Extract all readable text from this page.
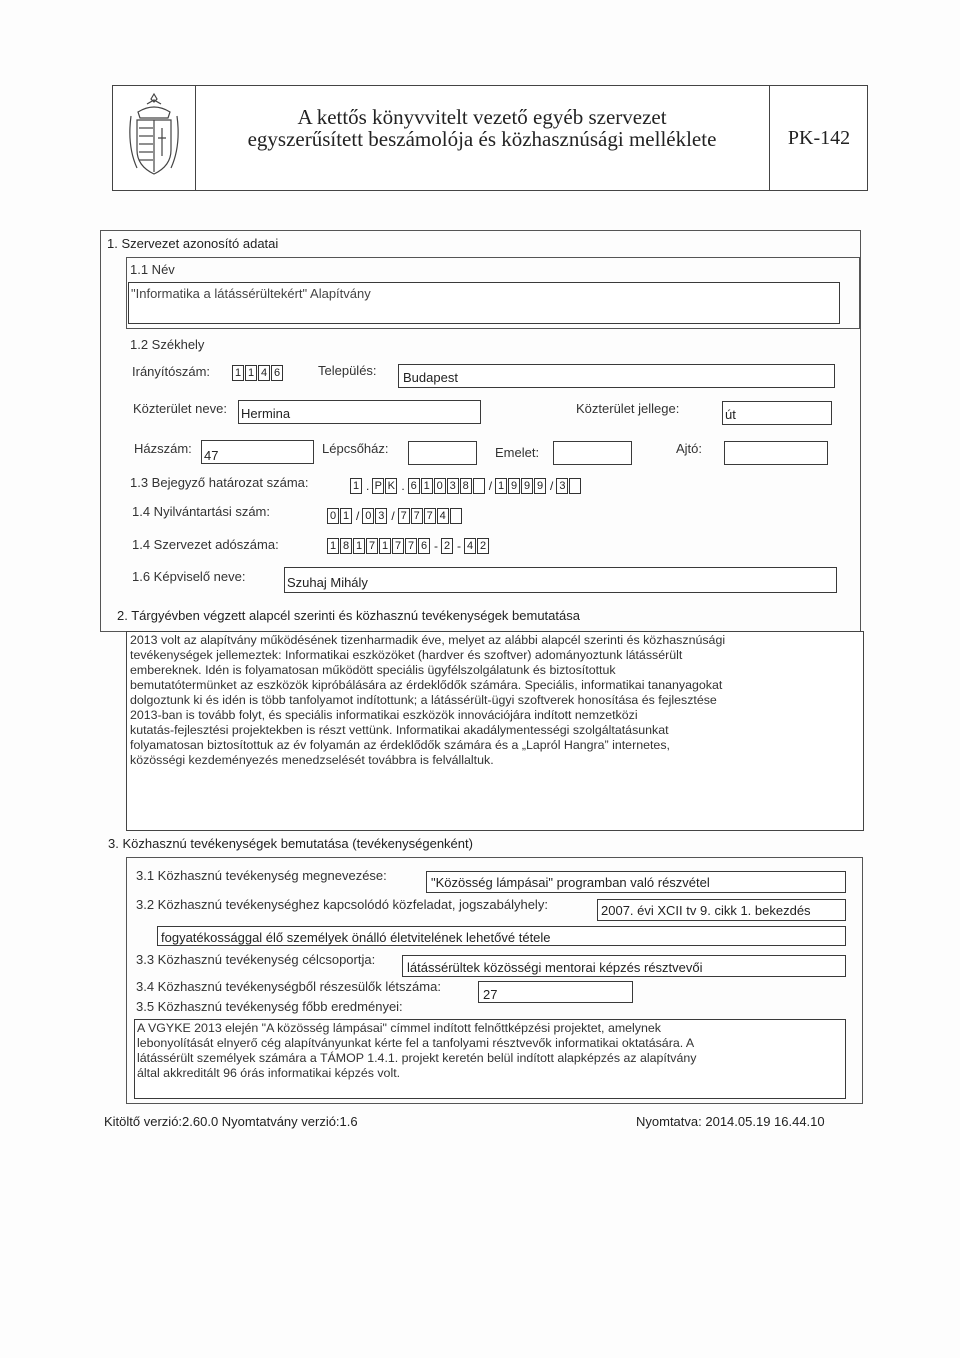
A kettős könyvvitelt vezető egyéb szervezet
egyszerűsített beszámolója és közhasznúsági melléklete	PK-142
1. Szervezet azonosító adatai
1.1 Név
"Informatika a látássérültekért" Alapítvány
1.2 Székhely
Irányítószám: 1 1 4 6	Település: Budapest
Közterület neve: Hermina	Közterület jellege:	út
Házszám: 47	Lépcsőház:	Emelet:	Ajtó:
1.3 Bejegyző határozat száma:	1 . P K . 6 1 0 3 8 / 1 9 9 9 / 3
1.4 Nyilvántartási szám:	0 1 / 0 3 / 7 7 7 4
1.4 Szervezet adószáma:	1 8 1 7 1 7 7 6 - 2 - 4 2
1.6 Képviselő neve:	Szuhaj Mihály
2. Tárgyévben végzett alapcél szerinti és közhasznú tevékenységek bemutatása
2013 volt az alapítvány működésének tizenharmadik éve, melyet az alábbi alapcél szerinti és közhasznúsági
tevékenységek jellemeztek: Informatikai eszközöket (hardver és szoftver) adományoztunk látássérült
embereknek. Idén is folyamatosan működött speciális ügyfélszolgálatunk és biztosítottuk
bemutatótermünket az eszközök kipróbálására az érdeklődők számára. Speciális, informatikai tananyagokat
dolgoztunk ki és idén is több tanfolyamot indítottunk; a látássérült-ügyi szoftverek honosítása és fejlesztése
2013-ban is tovább folyt, és speciális informatikai eszközök innovációjára indított nemzetközi
kutatás-fejlesztési projektekben is részt vettünk. Informatikai akadálymentességi szolgáltatásunkat
folyamatosan biztosítottuk az év folyamán az érdeklődők számára és a „Lapról Hangra” internetes,
közösségi kezdeményezés menedzselését továbbra is felvállaltuk.
3. Közhasznú tevékenységek bemutatása (tevékenységenként)
3.1 Közhasznú tevékenység megnevezése:	"Közösség lámpásai" programban való részvétel
3.2 Közhasznú tevékenységhez kapcsolódó közfeladat, jogszabályhely:	2007. évi XCII tv 9. cikk 1. bekezdés
fogyatékossággal élő személyek önálló életvitelének lehetővé tétele
3.3 Közhasznú tevékenység célcsoportja:
látássérültek közösségi mentorai képzés résztvevői
3.4 Közhasznú tevékenységből részesülők létszáma:
27
3.5 Közhasznú tevékenység főbb eredményei:
A VGYKE 2013 elején "A közösség lámpásai" címmel indított felnőttképzési projektet, amelynek
lebonyolítását elnyerő cég alapítványunkat kérte fel a tanfolyami résztvevők informatikai oktatására. A
látássérült személyek számára a TÁMOP 1.4.1. projekt keretén belül indított alapképzés az alapítvány
által akkreditált 96 órás informatikai képzés volt.
Kitöltő verzió:2.60.0 Nyomtatvány verzió:1.6	Nyomtatva: 2014.05.19 16.44.10
